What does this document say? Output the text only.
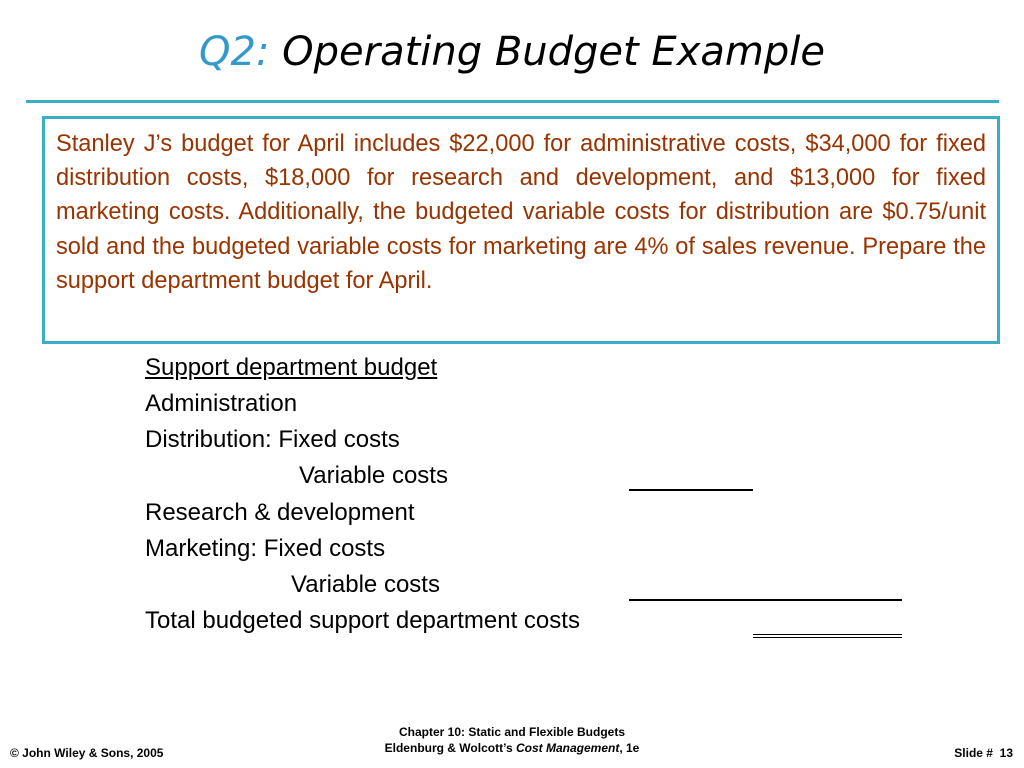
Q2: Operating Budget Example

Stanley J’s budget for April includes $22,000 for administrative costs, $34,000 for fixed distribution costs, $18,000 for research and development, and $13,000 for fixed marketing costs. Additionally, the budgeted variable costs for distribution are $0.75/unit sold and the budgeted variable costs for marketing are 4% of sales revenue. Prepare the support department budget for April.

Support department budget
Administration
Distribution: Fixed costs
Variable costs
Research & development
Marketing: Fixed costs
Variable costs
Total budgeted support department costs
© John Wiley & Sons, 2005
Chapter 10: Static and Flexible Budgets
Eldenburg & Wolcott’s Cost Management, 1e	Slide # 13
